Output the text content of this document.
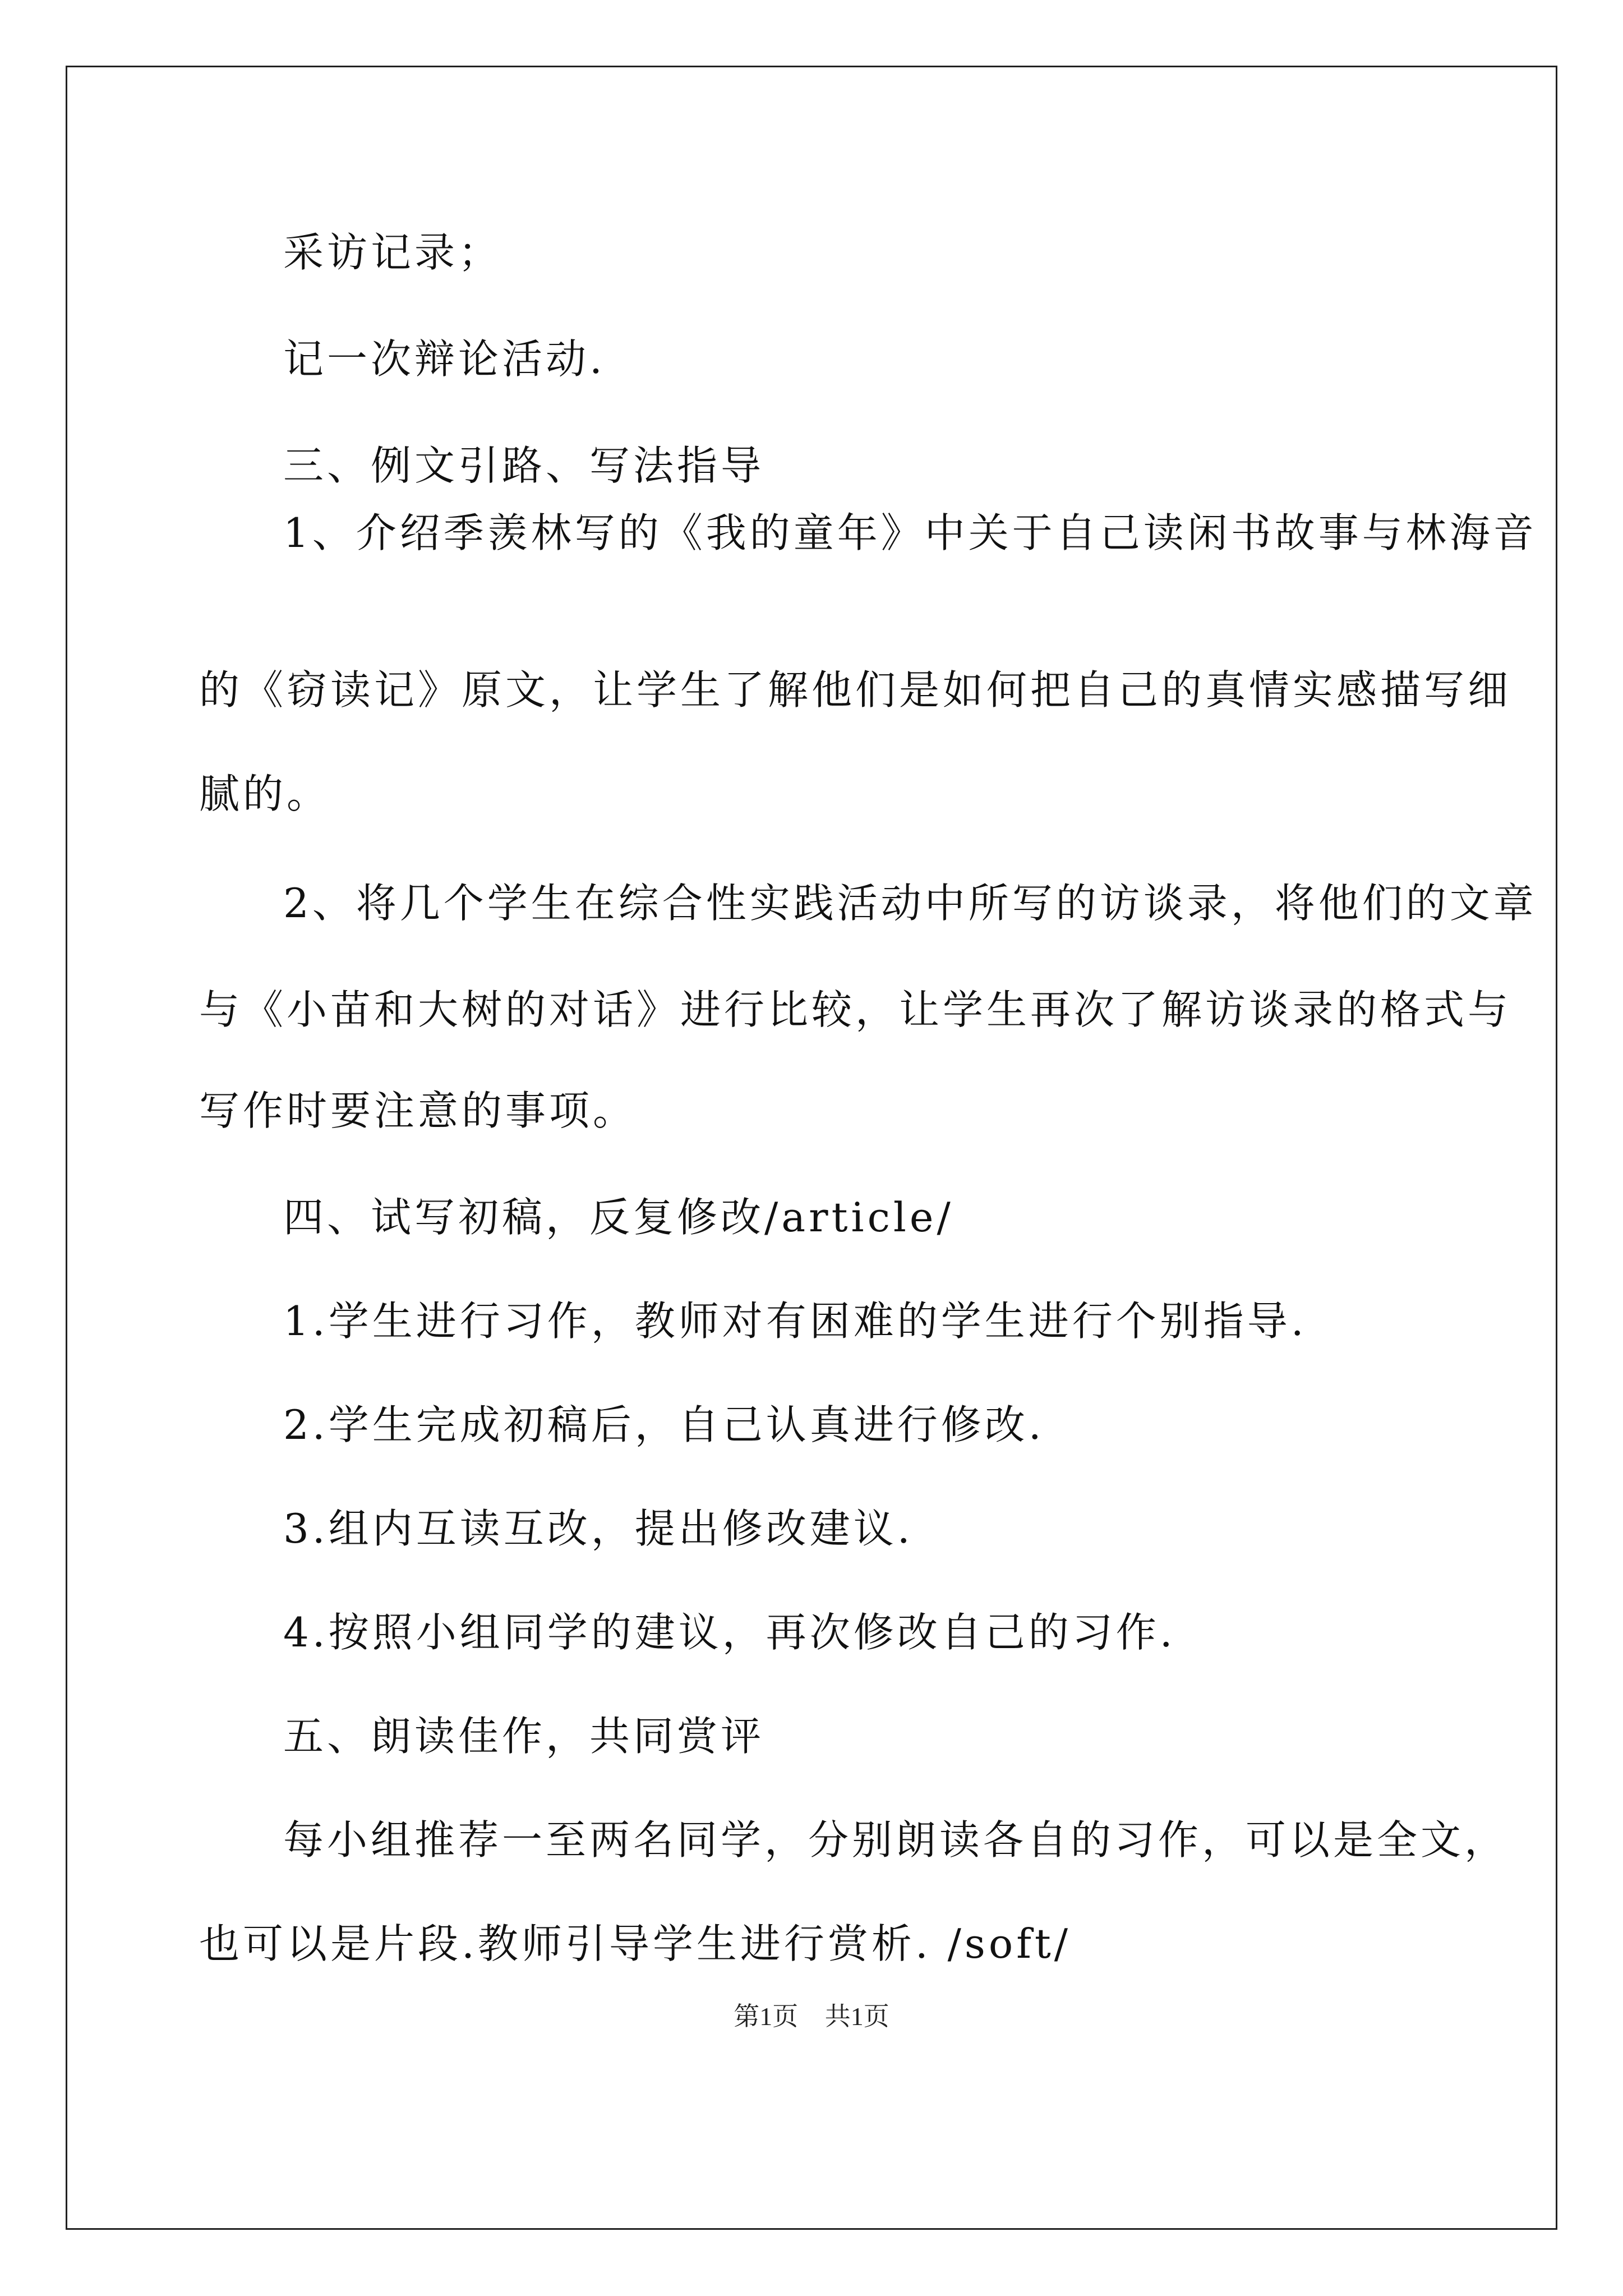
采访记录；

记一次辩论活动.

三、例文引路、写法指导

1、介绍季羡林写的《我的童年》中关于自己读闲书故事与林海音

的《窃读记》原文，让学生了解他们是如何把自己的真情实感描写细

腻的。

2、将几个学生在综合性实践活动中所写的访谈录，将他们的文章

与《小苗和大树的对话》进行比较，让学生再次了解访谈录的格式与

写作时要注意的事项。

四、试写初稿，反复修改/article/

1.学生进行习作，教师对有困难的学生进行个别指导.

2.学生完成初稿后，自己认真进行修改.

3.组内互读互改，提出修改建议.

4.按照小组同学的建议，再次修改自己的习作.

五、朗读佳作，共同赏评

每小组推荐一至两名同学，分别朗读各自的习作，可以是全文，

也可以是片段.教师引导学生进行赏析. /soft/

第1页 共1页
